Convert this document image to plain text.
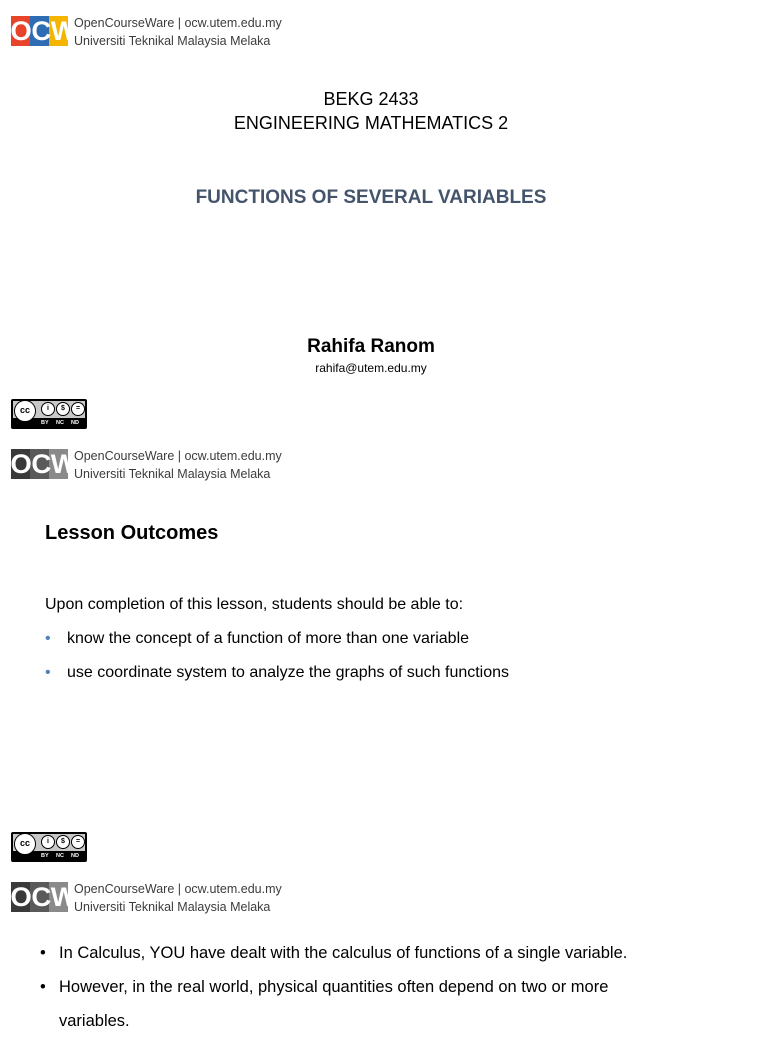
OCW
OpenCourseWare | ocw.utem.edu.my
Universiti Teknikal Malaysia Melaka
BEKG 2433
ENGINEERING MATHEMATICS 2
FUNCTIONS OF SEVERAL VARIABLES
Rahifa Ranom
rahifa@utem.edu.my
cc	i	$	=
BY NC ND
OCW
OpenCourseWare | ocw.utem.edu.my
Universiti Teknikal Malaysia Melaka
Lesson Outcomes
Upon completion of this lesson, students should be able to:
• know the concept of a function of more than one variable
• use coordinate system to analyze the graphs of such functions
cc	i	$	=
BY NC ND
OCW
OpenCourseWare | ocw.utem.edu.my
Universiti Teknikal Malaysia Melaka
• In Calculus, YOU have dealt with the calculus of functions of a single variable.
• However, in the real world, physical quantities often depend on two or more
variables.
